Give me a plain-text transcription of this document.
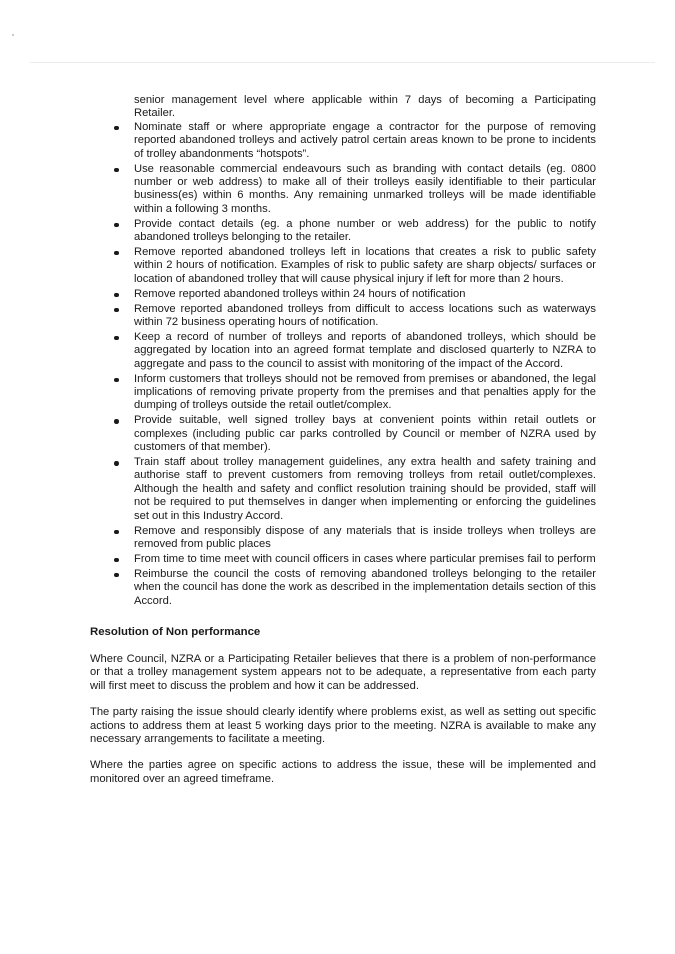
senior management level where applicable within 7 days of becoming a Participating Retailer.
Nominate staff or where appropriate engage a contractor for the purpose of removing reported abandoned trolleys and actively patrol certain areas known to be prone to incidents of trolley abandonments “hotspots”.
Use reasonable commercial endeavours such as branding with contact details (eg. 0800 number or web address) to make all of their trolleys easily identifiable to their particular business(es) within 6 months. Any remaining unmarked trolleys will be made identifiable within a following 3 months.
Provide contact details (eg. a phone number or web address) for the public to notify abandoned trolleys belonging to the retailer.
Remove reported abandoned trolleys left in locations that creates a risk to public safety within 2 hours of notification. Examples of risk to public safety are sharp objects/ surfaces or location of abandoned trolley that will cause physical injury if left for more than 2 hours.
Remove reported abandoned trolleys within 24 hours of notification
Remove reported abandoned trolleys from difficult to access locations such as waterways within 72 business operating hours of notification.
Keep a record of number of trolleys and reports of abandoned trolleys, which should be aggregated by location into an agreed format template and disclosed quarterly to NZRA to aggregate and pass to the council to assist with monitoring of the impact of the Accord.
Inform customers that trolleys should not be removed from premises or abandoned, the legal implications of removing private property from the premises and that penalties apply for the dumping of trolleys outside the retail outlet/complex.
Provide suitable, well signed trolley bays at convenient points within retail outlets or complexes (including public car parks controlled by Council or member of NZRA used by customers of that member).
Train staff about trolley management guidelines, any extra health and safety training and authorise staff to prevent customers from removing trolleys from retail outlet/complexes. Although the health and safety and conflict resolution training should be provided, staff will not be required to put themselves in danger when implementing or enforcing the guidelines set out in this Industry Accord.
Remove and responsibly dispose of any materials that is inside trolleys when trolleys are removed from public places
From time to time meet with council officers in cases where particular premises fail to perform
Reimburse the council the costs of removing abandoned trolleys belonging to the retailer when the council has done the work as described in the implementation details section of this Accord.
Resolution of Non performance

Where Council, NZRA or a Participating Retailer believes that there is a problem of non-performance or that a trolley management system appears not to be adequate, a representative from each party will first meet to discuss the problem and how it can be addressed.

The party raising the issue should clearly identify where problems exist, as well as setting out specific actions to address them at least 5 working days prior to the meeting. NZRA is available to make any necessary arrangements to facilitate a meeting.

Where the parties agree on specific actions to address the issue, these will be implemented and monitored over an agreed timeframe.
